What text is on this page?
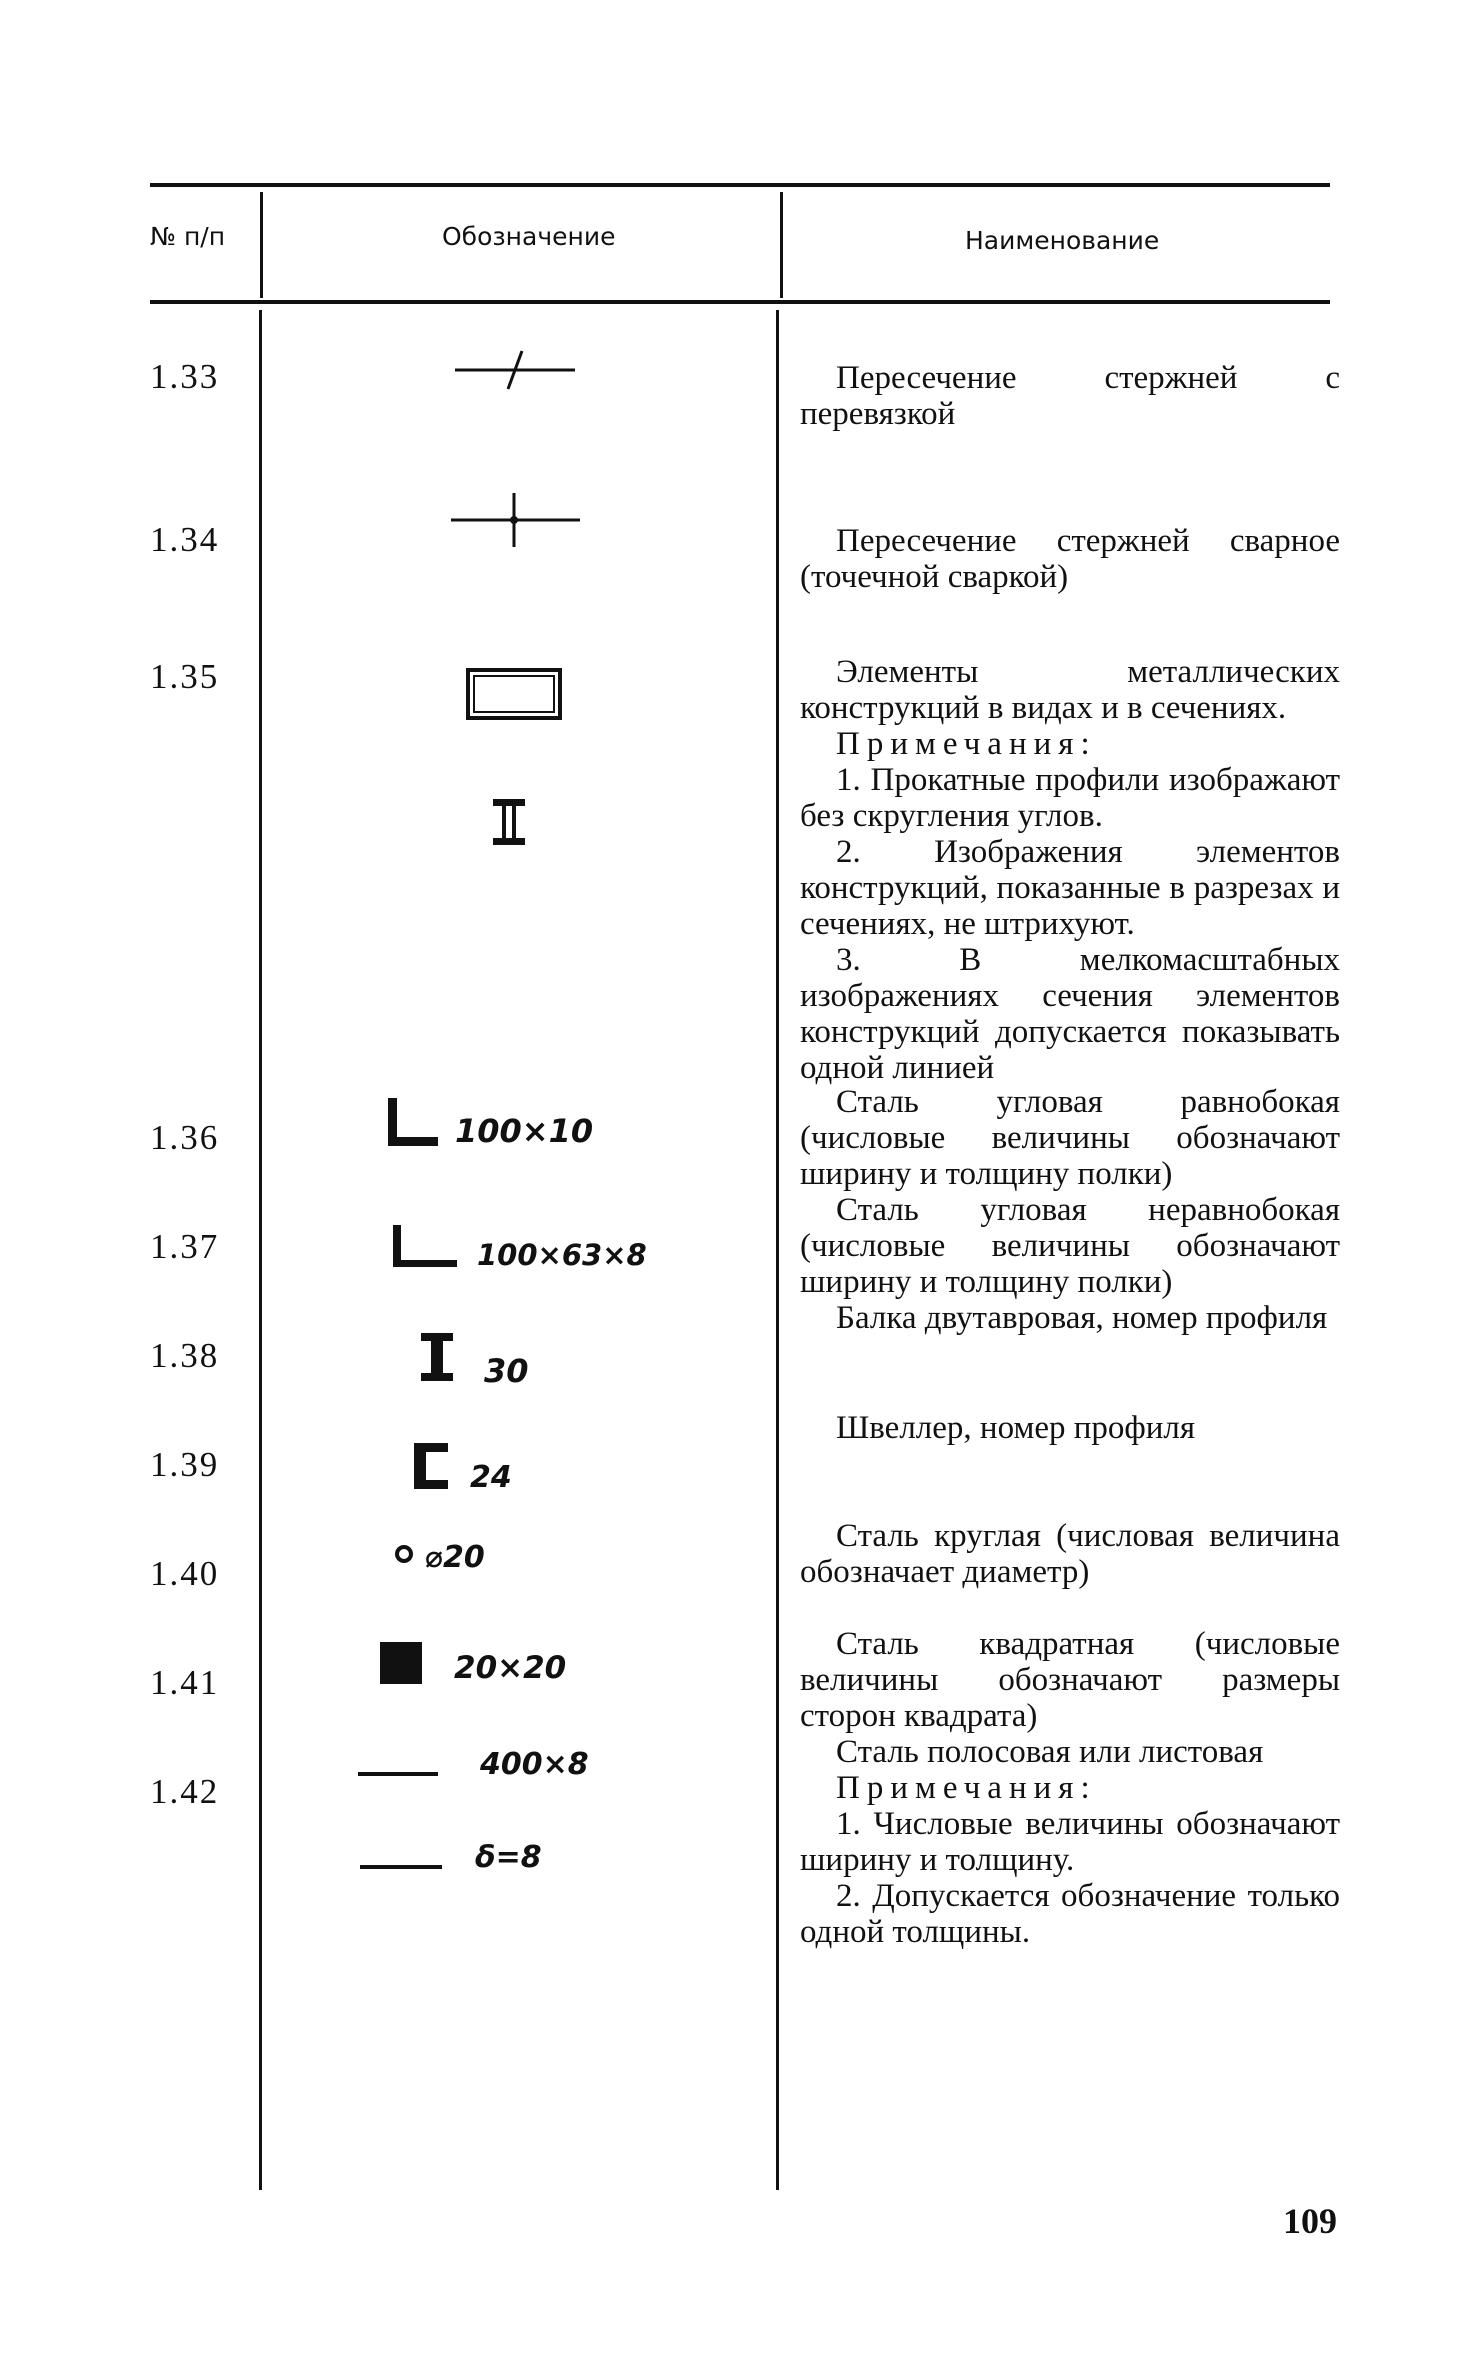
№ п/п	Обозначение	Наименование
1.33
1.34
1.35
1.36
1.37
1.38
1.39
1.40
1.41
1.42
100×10
100×63×8
30
24
⌀20
20×20
400×8
δ=8

Пересечение стержней с перевязкой

Пересечение стержней сварное (точечной сваркой)

Элементы металлических конструкций в видах и в сечениях.

Примечания:

1. Прокатные профили изображают без скругления углов.

2. Изображения элементов конструкций, показанные в разрезах и сечениях, не штрихуют.

3. В мелкомасштабных изображениях сечения элементов конструкций допускается показывать одной линией

Сталь угловая равнобокая (числовые величины обозначают ширину и толщину полки)

Сталь угловая неравнобокая (числовые величины обозначают ширину и толщину полки)

Балка двутавровая, номер профиля

Швеллер, номер профиля

Сталь круглая (числовая величина обозначает диаметр)

Сталь квадратная (числовые величины обозначают размеры сторон квадрата)

Сталь полосовая или листовая

Примечания:

1. Числовые величины обозначают ширину и толщину.

2. Допускается обозначение только одной толщины.

109
